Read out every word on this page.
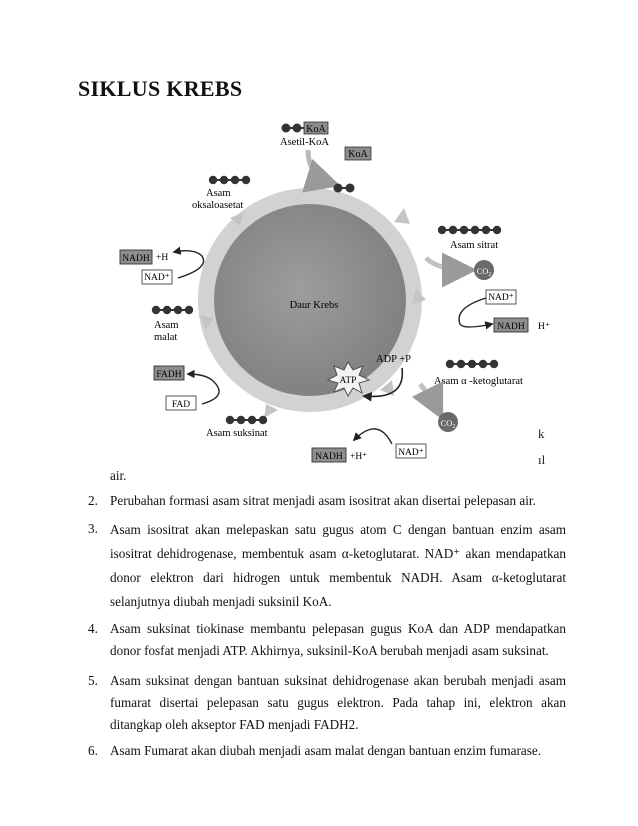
SIKLUS KREBS
KoA
Asetil-KoA
KoA
Asam
oksaloasetat
Asam sitrat
$CO_2$
NAD⁺
NADH H⁺
Daur Krebs
ADP +P
ATP	Asam α -ketoglutarat
$CO_2$
NADH +H⁺	NAD⁺
Asam suksinat
FADH
FAD
Asam
malat
NADH +H
NAD⁺
k
ıl
air.
2. Perubahan formasi asam sitrat menjadi asam isositrat akan disertai pelepasan air.
3. Asam isositrat akan melepaskan satu gugus atom C dengan bantuan enzim asam isositrat dehidrogenase, membentuk asam α-ketoglutarat. NAD⁺ akan mendapatkan donor elektron dari hidrogen untuk membentuk NADH. Asam α-ketoglutarat selanjutnya diubah menjadi suksinil KoA.
4. Asam suksinat tiokinase membantu pelepasan gugus KoA dan ADP mendapatkan donor fosfat menjadi ATP. Akhirnya, suksinil-KoA berubah menjadi asam suksinat.
5. Asam suksinat dengan bantuan suksinat dehidrogenase akan berubah menjadi asam fumarat disertai pelepasan satu gugus elektron. Pada tahap ini, elektron akan ditangkap oleh akseptor FAD menjadi FADH2.
6. Asam Fumarat akan diubah menjadi asam malat dengan bantuan enzim fumarase.
